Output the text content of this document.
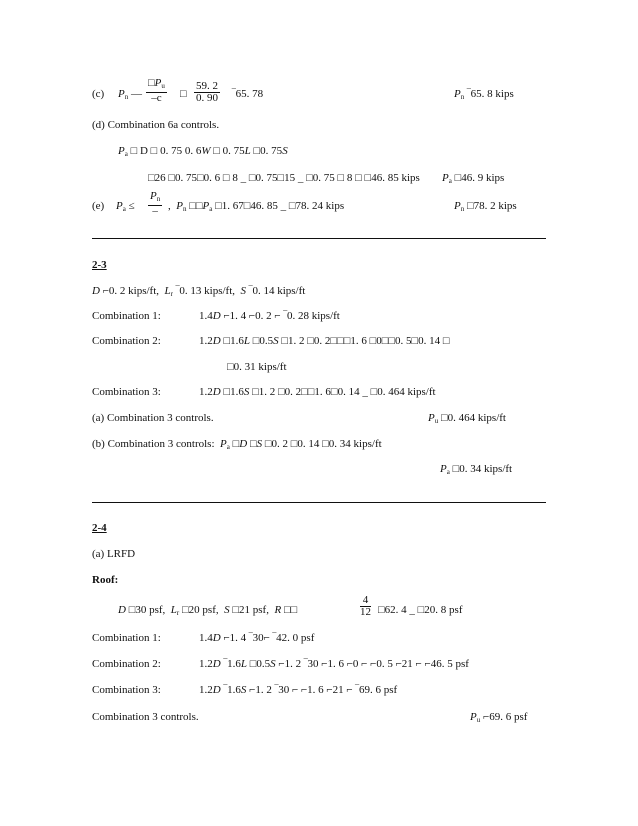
(c) $P_n$ —
$□P_u$
–c	□
59. 2
0. 90 ‾65. 78	$P_n$ ‾65. 8 kips
(d) Combination 6a controls.
$P_a$ □ D □ 0. 75 0. 6W □ 0. 75L □0. 75S
□26 □0. 75□0. 6 □ 8 _ □0. 75□15 _ □0. 75 □ 8 □ □46. 85 kips $P_a$ □46. 9 kips
(e) $P_a$ ≤
$P_n$
– , $P_n$ $□□P_a$ □1. 67□46. 85 _ □78. 24 kips	$P_n$ □78. 2 kips
2-3
D ⌐0. 2 kips/ft, $L_r$ ‾0. 13 kips/ft, S ‾0. 14 kips/ft
Combination 1:	1.4D ⌐1. 4 ⌐0. 2 ⌐ ‾0. 28 kips/ft
Combination 2:	1.2D □1.6L □0.5S □1. 2 □0. 2□□□1. 6 □0□□0. 5□0. 14 □
□0. 31 kips/ft
Combination 3:	1.2D □1.6S □1. 2 □0. 2□□1. 6□0. 14 _ □0. 464 kips/ft
(a) Combination 3 controls.	$P_u$ □0. 464 kips/ft
(b) Combination 3 controls: $P_a$ □D □S □0. 2 □0. 14 □0. 34 kips/ft
$P_a$ □0. 34 kips/ft
2-4
(a) LRFD
Roof:
D □30 psf, $L_r$ □20 psf, S □21 psf, R □□
4
12 □62. 4 _ □20. 8 psf
Combination 1:	1.4D ⌐1. 4 ‾30⌐ ‾42. 0 psf
Combination 2:	1.2D ‾1.6L □0.5S ⌐1. 2 ‾30 ⌐1. 6 ⌐0 ⌐ ⌐0. 5 ⌐21 ⌐ ⌐46. 5 psf
Combination 3:	1.2D ‾1.6S ⌐1. 2 ‾30 ⌐ ⌐1. 6 ⌐21 ⌐ ‾69. 6 psf
Combination 3 controls.	$P_u$ ⌐69. 6 psf
